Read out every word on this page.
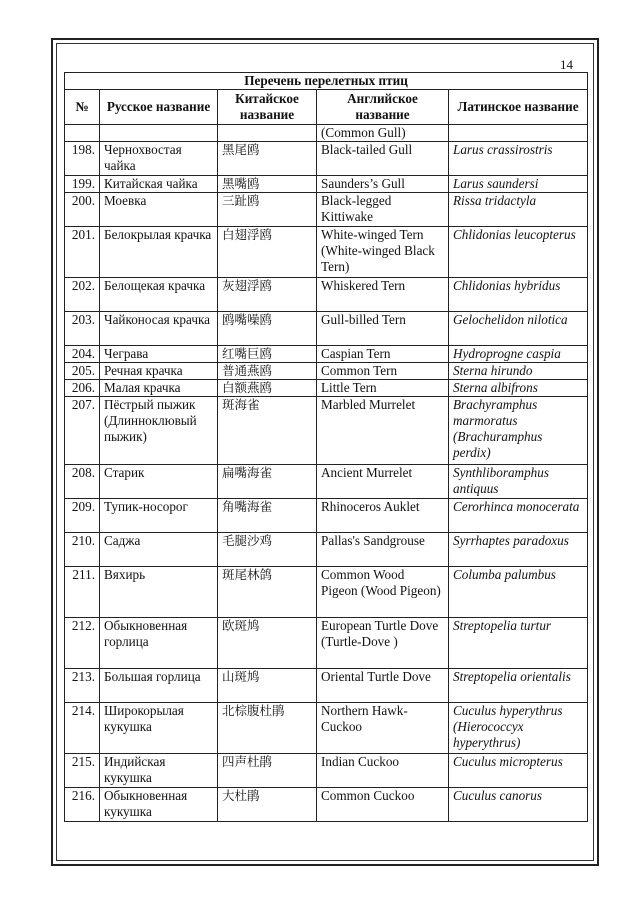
14
Перечень перелетных птиц				
№	Русское название	Китайское название	Английское название	Латинское название
			(Common Gull)	
198.	Чернохвостая чайка	黑尾鸥	Black-tailed Gull	Larus crassirostris
199.	Китайская чайка	黑嘴鸥	Saunders’s Gull	Larus saundersi
200.	Моевка	三趾鸥	Black-legged Kittiwake	Rissa tridactyla
201.	Белокрылая крачка	白翅浮鸥	White-winged Tern (White-winged Black Tern)	Chlidonias leucopterus
202.	Белощекая крачка	灰翅浮鸥	Whiskered Tern	Chlidonias hybridus
203.	Чайконосая крачка	鸥嘴噪鸥	Gull-billed Tern	Gelochelidon nilotica
204.	Чеграва	红嘴巨鸥	Caspian Tern	Hydroprogne caspia
205.	Речная крачка	普通燕鸥	Common Tern	Sterna hirundo
206.	Малая крачка	白额燕鸥	Little Tern	Sterna albifrons
207.	Пёстрый пыжик (Длинноклювый пыжик)	斑海雀	Marbled Murrelet	Brachyramphus marmoratus (Brachuramphus perdix)
208.	Старик	扁嘴海雀	Ancient Murrelet	Synthliboramphus antiquus
209.	Тупик-носорог	角嘴海雀	Rhinoceros Auklet	Cerorhinca monocerata
210.	Саджа	毛腿沙鸡	Pallas's Sandgrouse	Syrrhaptes paradoxus
211.	Вяхирь	斑尾林鸽	Common Wood Pigeon (Wood Pigeon)	Columba palumbus
212.	Обыкновенная горлица	欧斑鸠	European Turtle Dove (Turtle-Dove )	Streptopelia turtur
213.	Большая горлица	山斑鸠	Oriental Turtle Dove	Streptopelia orientalis
214.	Широкорылая кукушка	北棕腹杜鹃	Northern Hawk-Cuckoo	Cuculus hyperythrus (Hierococcyx hyperythrus)
215.	Индийская кукушка	四声杜鹃	Indian Cuckoo	Cuculus micropterus
216.	Обыкновенная кукушка	大杜鹃	Common Cuckoo	Cuculus canorus
